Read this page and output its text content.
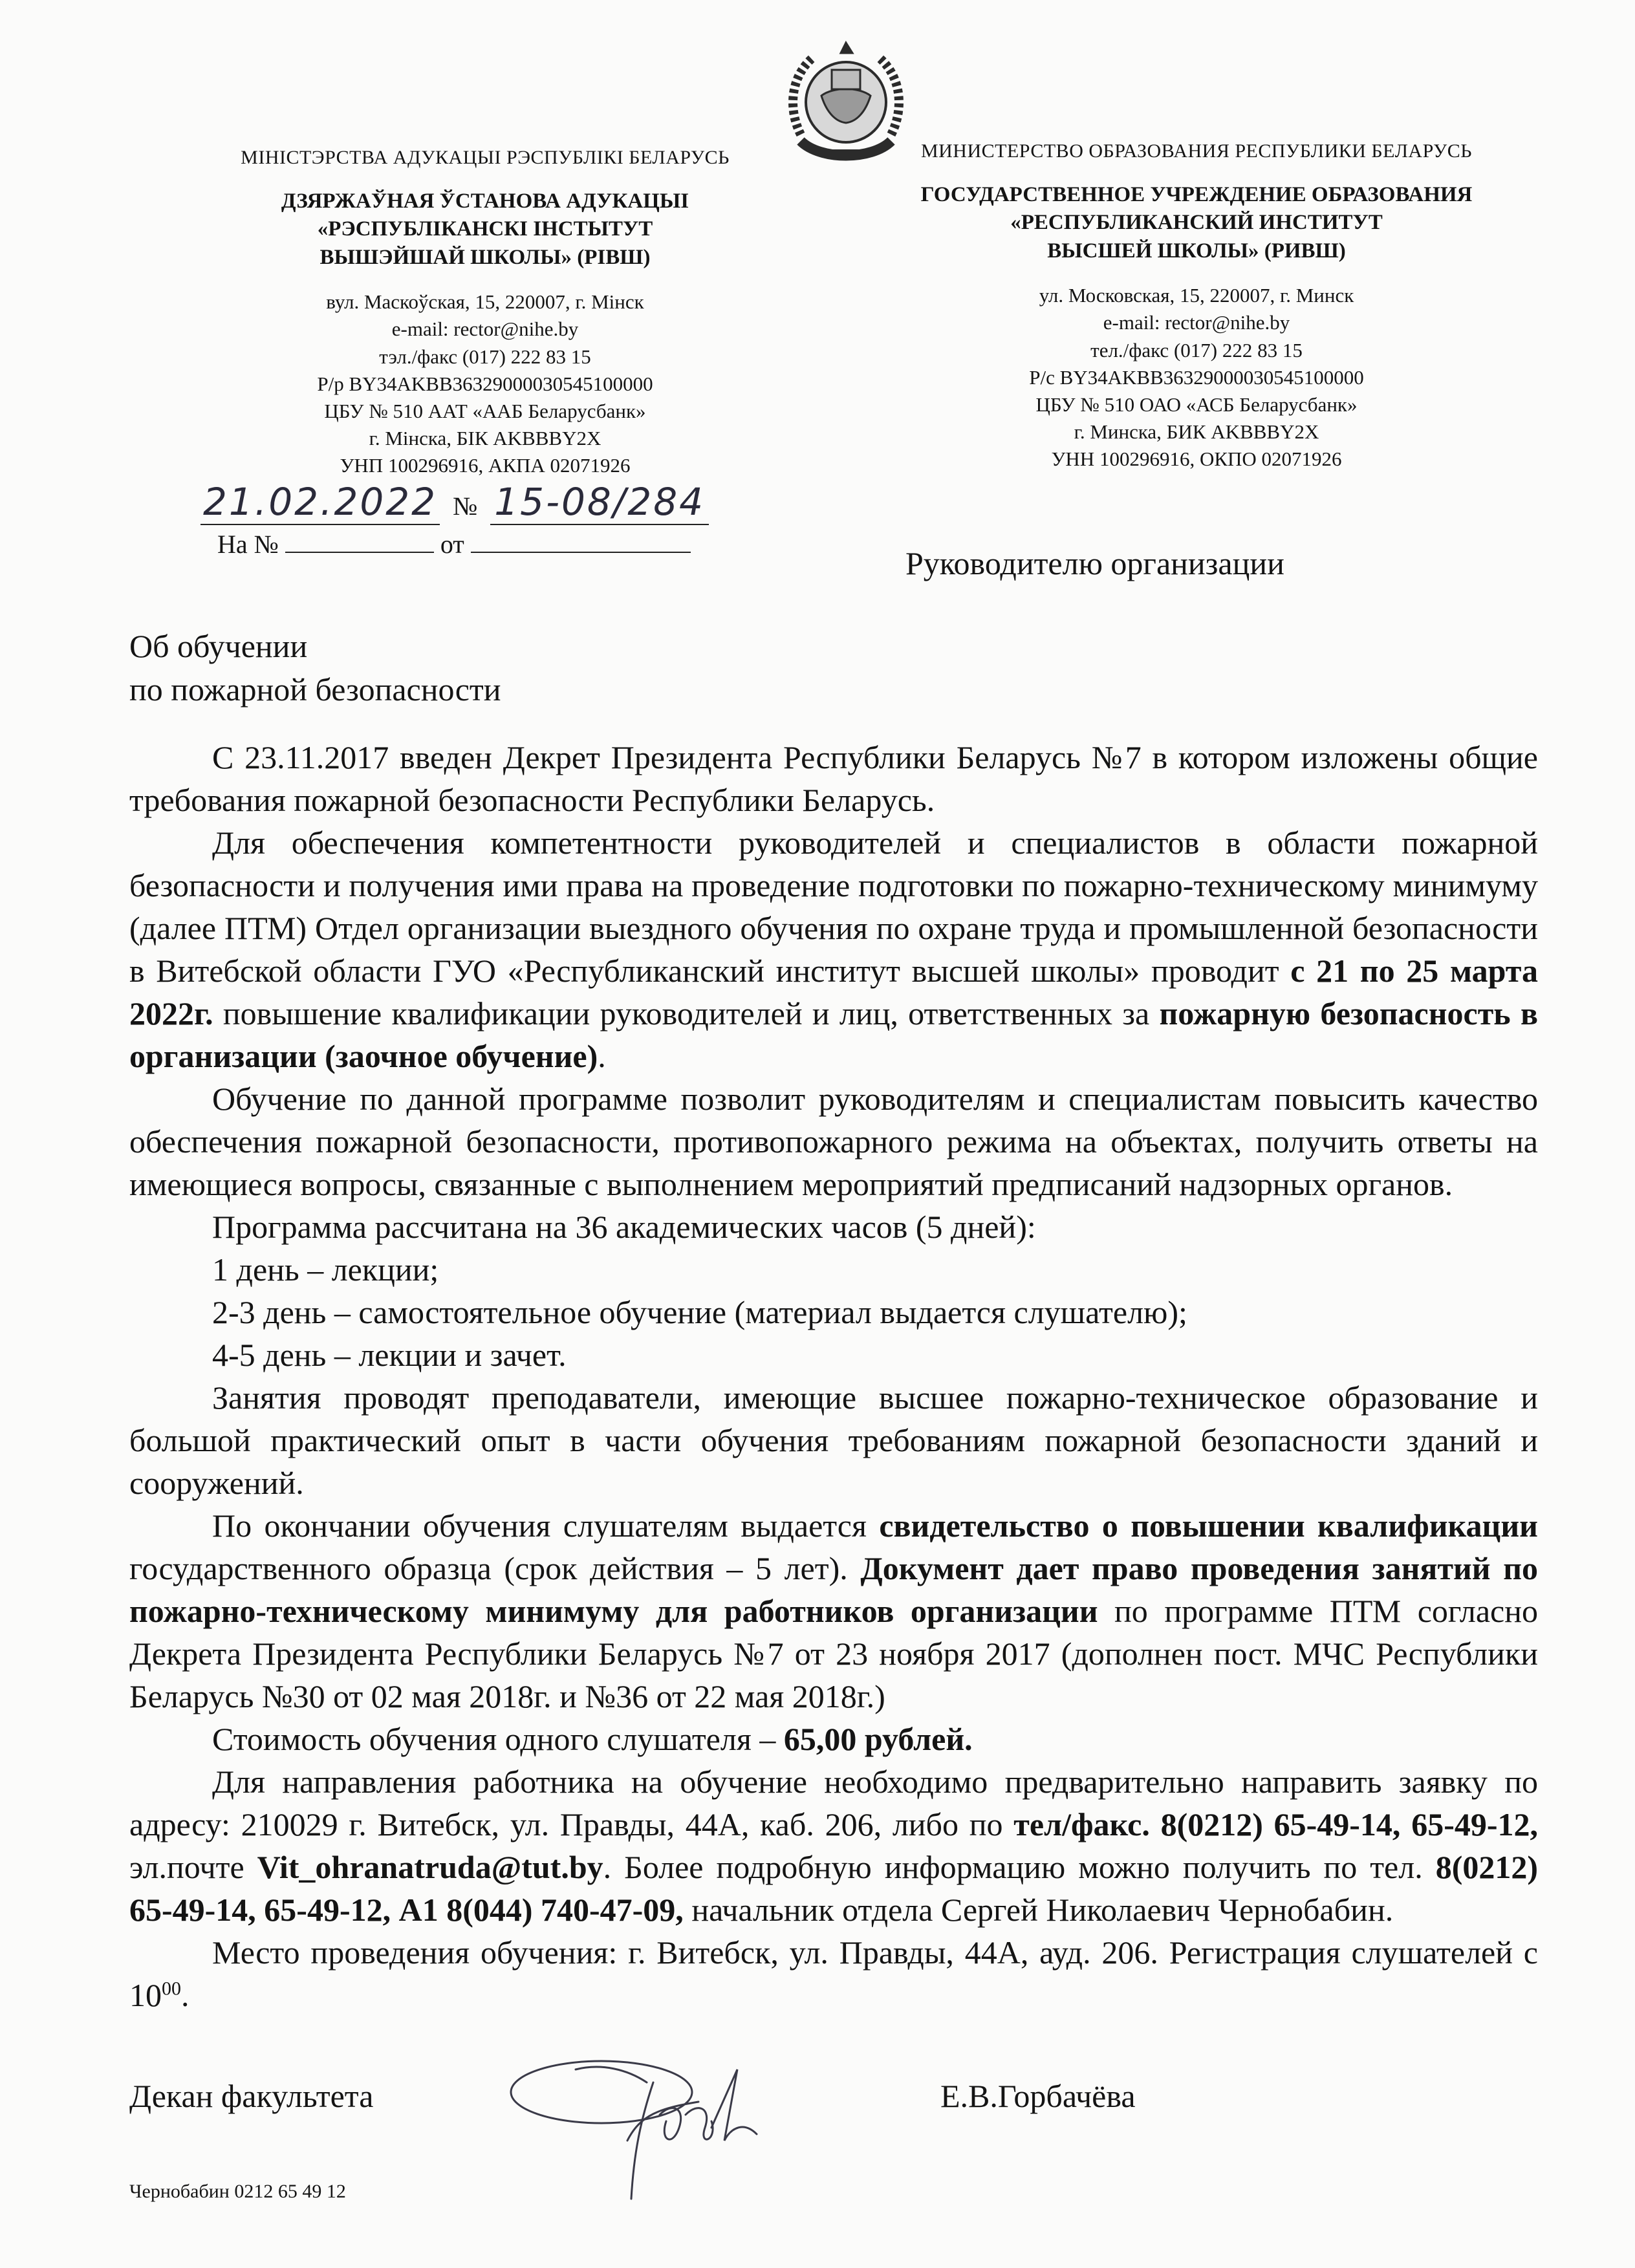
МІНІСТЭРСТВА АДУКАЦЫІ РЭСПУБЛІКІ БЕЛАРУСЬ
ДЗЯРЖАЎНАЯ ЎСТАНОВА АДУКАЦЫІ
«РЭСПУБЛІКАНСКІ ІНСТЫТУТ
ВЫШЭЙШАЙ ШКОЛЫ» (РІВШ)
вул. Маскоўская, 15, 220007, г. Мінск
e-mail: rector@nihe.by
тэл./факс (017) 222 83 15
Р/р BY34AKBB36329000030545100000
ЦБУ № 510 ААТ «ААБ Беларусбанк»
г. Мінска, БІК AKBBBY2X
УНП 100296916, АКПА 02071926
МИНИСТЕРСТВО ОБРАЗОВАНИЯ РЕСПУБЛИКИ БЕЛАРУСЬ
ГОСУДАРСТВЕННОЕ УЧРЕЖДЕНИЕ ОБРАЗОВАНИЯ
«РЕСПУБЛИКАНСКИЙ ИНСТИТУТ
ВЫСШЕЙ ШКОЛЫ» (РИВШ)
ул. Московская, 15, 220007, г. Минск
e-mail: rector@nihe.by
тел./факс (017) 222 83 15
Р/с BY34AKBB36329000030545100000
ЦБУ № 510 ОАО «АСБ Беларусбанк»
г. Минска, БИК AKBBBY2X
УНН 100296916, ОКПО 02071926
21.02.2022 № 15-08/284
На №	от
Руководителю организации
Об обучении
по пожарной безопасности

С 23.11.2017 введен Декрет Президента Республики Беларусь №7 в котором изложены общие требования пожарной безопасности Республики Беларусь.

Для обеспечения компетентности руководителей и специалистов в области пожарной безопасности и получения ими права на проведение подготовки по пожарно-техническому минимуму (далее ПТМ) Отдел организации выездного обучения по охране труда и промышленной безопасности в Витебской области ГУО «Республиканский институт высшей школы» проводит с 21 по 25 марта 2022г. повышение квалификации руководителей и лиц, ответственных за пожарную безопасность в организации (заочное обучение).

Обучение по данной программе позволит руководителям и специалистам повысить качество обеспечения пожарной безопасности, противопожарного режима на объектах, получить ответы на имеющиеся вопросы, связанные с выполнением мероприятий предписаний надзорных органов.

Программа рассчитана на 36 академических часов (5 дней):

1 день – лекции;

2-3 день – самостоятельное обучение (материал выдается слушателю);

4-5 день – лекции и зачет.

Занятия проводят преподаватели, имеющие высшее пожарно-техническое образование и большой практический опыт в части обучения требованиям пожарной безопасности зданий и сооружений.

По окончании обучения слушателям выдается свидетельство о повышении квалификации государственного образца (срок действия – 5 лет). Документ дает право проведения занятий по пожарно-техническому минимуму для работников организации по программе ПТМ согласно Декрета Президента Республики Беларусь №7 от 23 ноября 2017 (дополнен пост. МЧС Республики Беларусь №30 от 02 мая 2018г. и №36 от 22 мая 2018г.)

Стоимость обучения одного слушателя – 65,00 рублей.

Для направления работника на обучение необходимо предварительно направить заявку по адресу: 210029 г. Витебск, ул. Правды, 44А, каб. 206, либо по тел/факс. 8(0212) 65-49-14, 65-49-12, эл.почте Vit_ohranatruda@tut.by. Более подробную информацию можно получить по тел. 8(0212) 65-49-14, 65-49-12, A1 8(044) 740-47-09, начальник отдела Сергей Николаевич Чернобабин.

Место проведения обучения: г. Витебск, ул. Правды, 44А, ауд. 206. Регистрация слушателей с $10^{00}$.

Декан факультета	Е.В.Горбачёва
Чернобабин 0212 65 49 12
